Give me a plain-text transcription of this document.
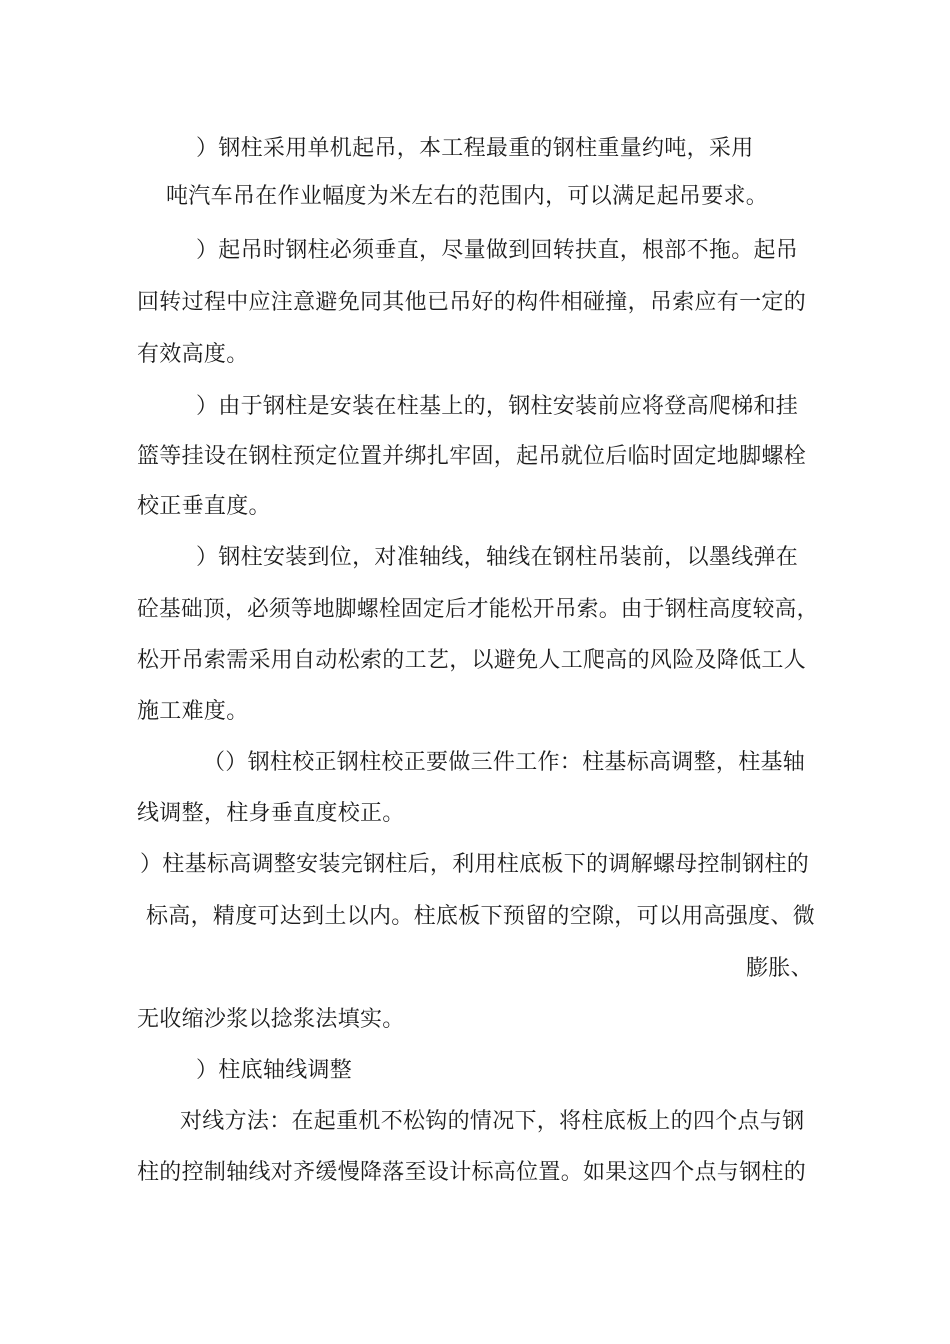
）钢柱采用单机起吊，本工程最重的钢柱重量约吨，采用
吨汽车吊在作业幅度为米左右的范围内，可以满足起吊要求。
）起吊时钢柱必须垂直，尽量做到回转扶直，根部不拖。起吊
回转过程中应注意避免同其他已吊好的构件相碰撞，吊索应有一定的
有效高度。
）由于钢柱是安装在柱基上的，钢柱安装前应将登高爬梯和挂
篮等挂设在钢柱预定位置并绑扎牢固，起吊就位后临时固定地脚螺栓
校正垂直度。
）钢柱安装到位，对准轴线，轴线在钢柱吊装前，以墨线弹在
砼基础顶，必须等地脚螺栓固定后才能松开吊索。由于钢柱高度较高，
松开吊索需采用自动松索的工艺，以避免人工爬高的风险及降低工人
施工难度。
（）钢柱校正钢柱校正要做三件工作：柱基标高调整，柱基轴
线调整，柱身垂直度校正。
）柱基标高调整安装完钢柱后，利用柱底板下的调解螺母控制钢柱的
标高，精度可达到土以内。柱底板下预留的空隙，可以用高强度、微
膨胀、
无收缩沙浆以捻浆法填实。
）柱底轴线调整
对线方法：在起重机不松钩的情况下，将柱底板上的四个点与钢
柱的控制轴线对齐缓慢降落至设计标高位置。如果这四个点与钢柱的
